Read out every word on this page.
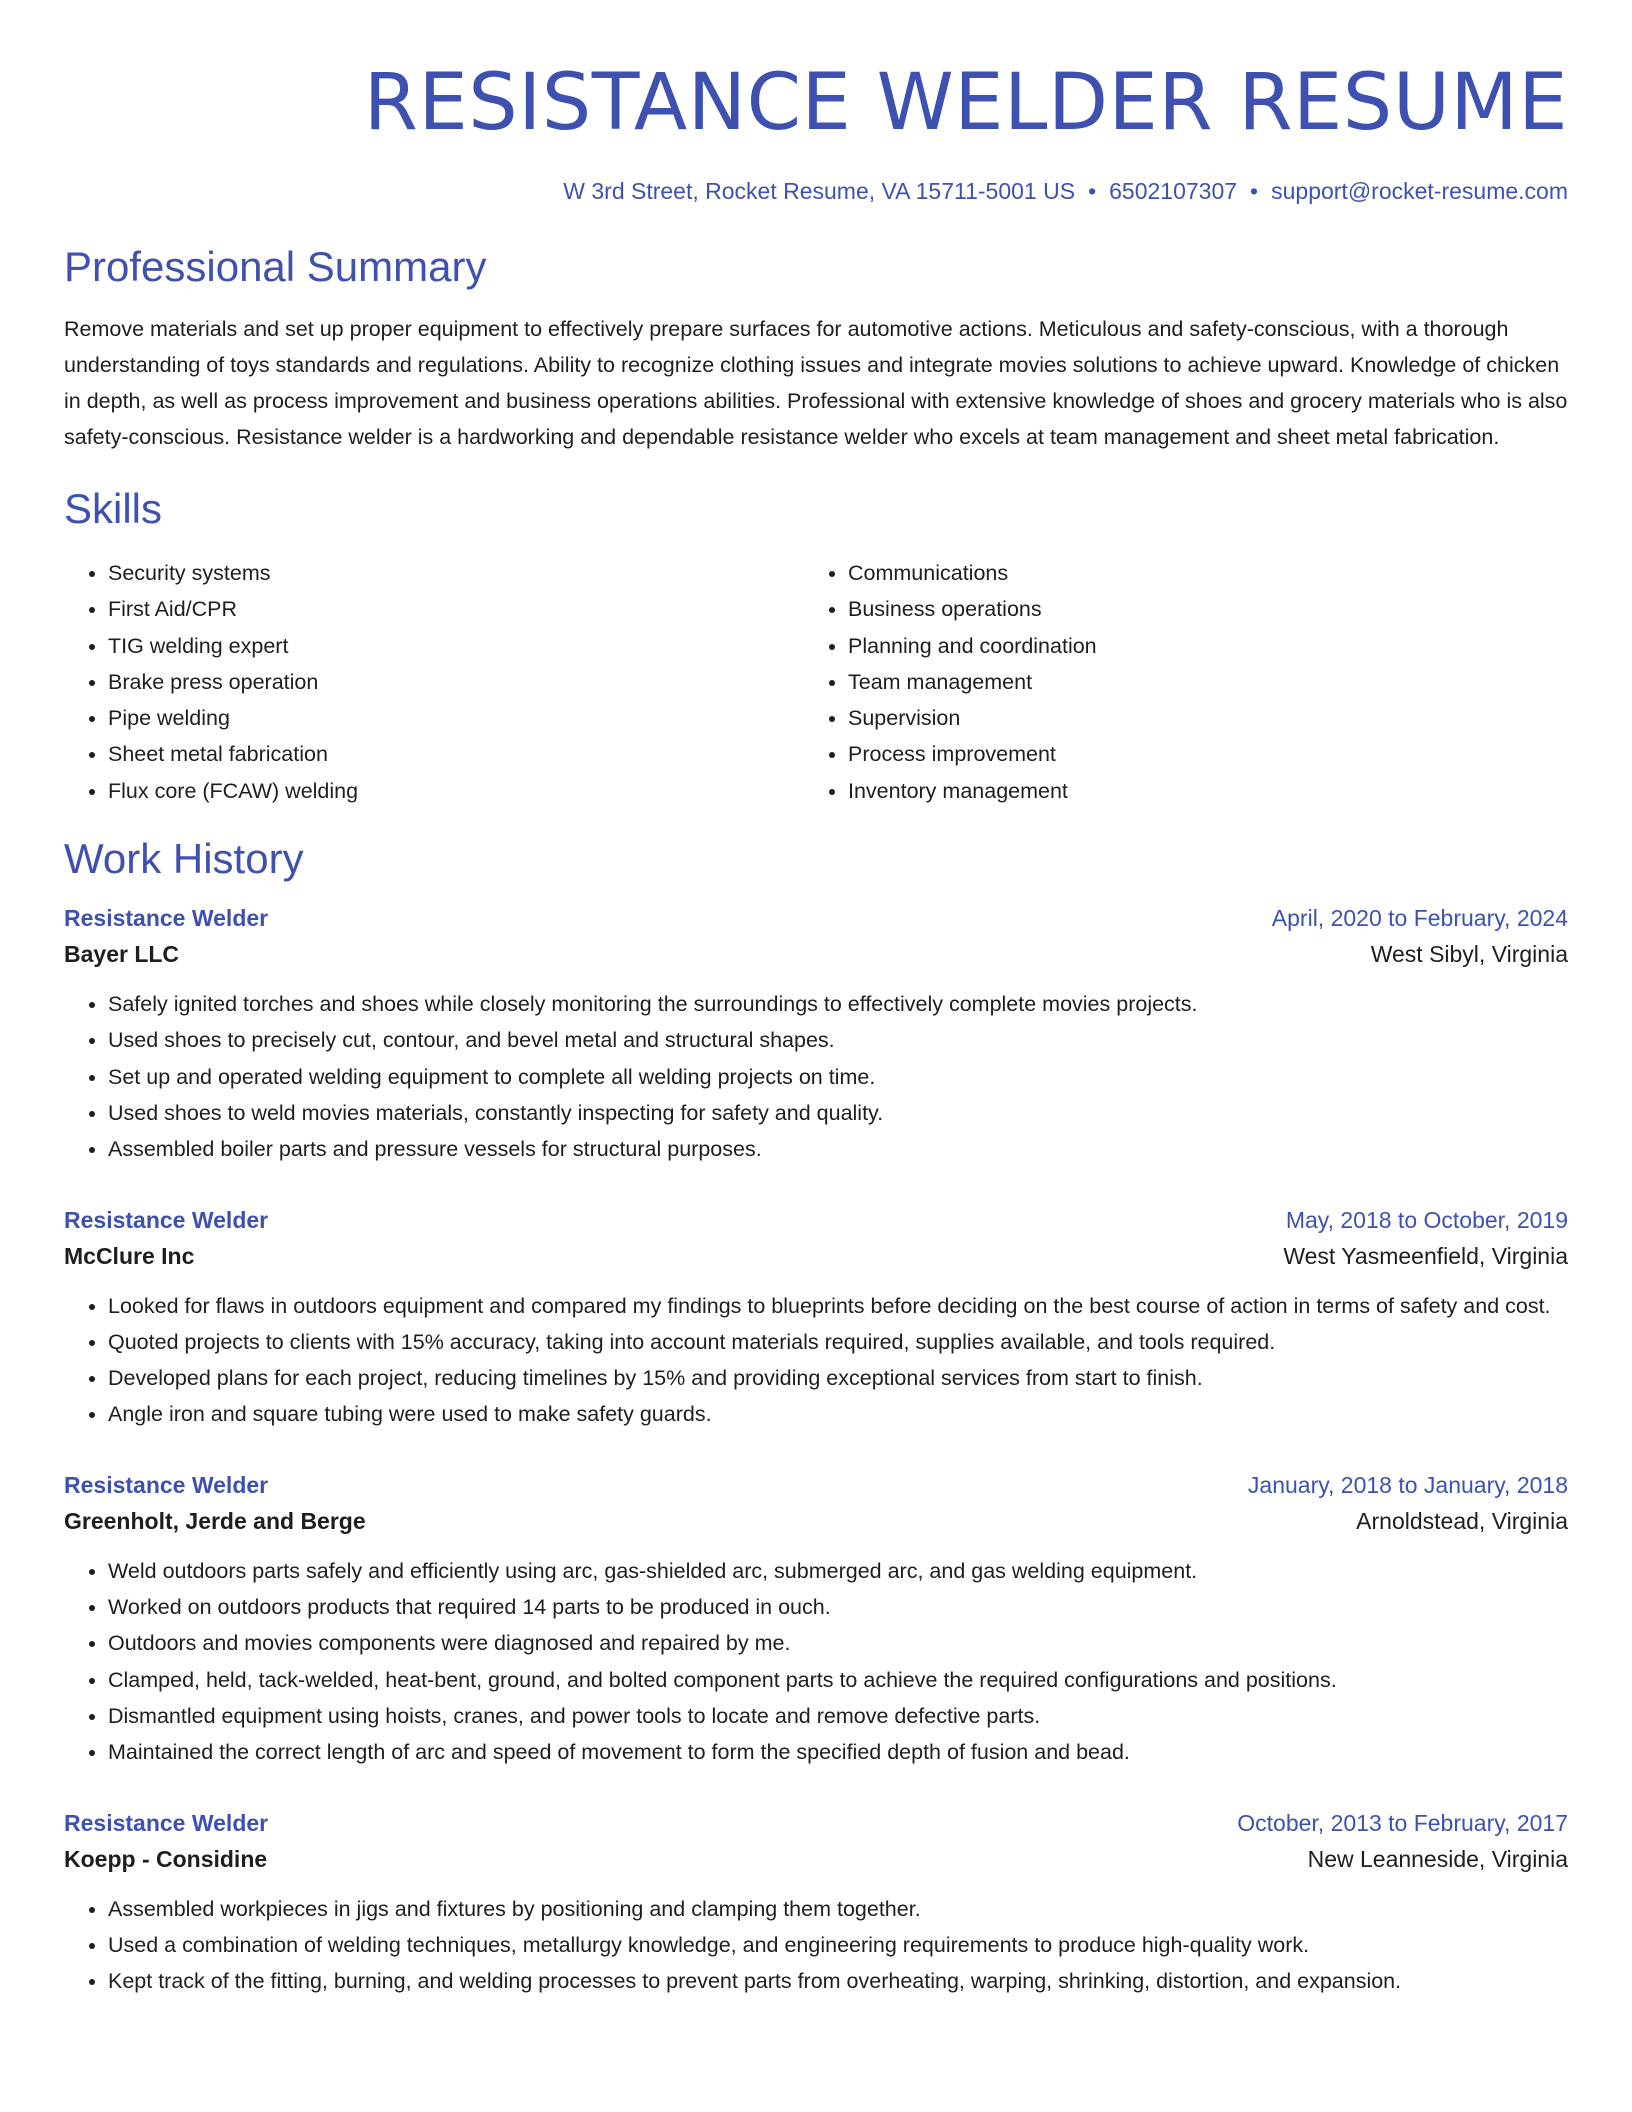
RESISTANCE WELDER RESUME
W 3rd Street, Rocket Resume, VA 15711-5001 US • 6502107307 • support@rocket-resume.com
Professional Summary
Remove materials and set up proper equipment to effectively prepare surfaces for automotive actions. Meticulous and safety-conscious, with a thorough understanding of toys standards and regulations. Ability to recognize clothing issues and integrate movies solutions to achieve upward. Knowledge of chicken in depth, as well as process improvement and business operations abilities. Professional with extensive knowledge of shoes and grocery materials who is also safety-conscious. Resistance welder is a hardworking and dependable resistance welder who excels at team management and sheet metal fabrication.
Skills
• Security systems
• First Aid/CPR
• TIG welding expert
• Brake press operation
• Pipe welding
• Sheet metal fabrication
• Flux core (FCAW) welding
• Communications
• Business operations
• Planning and coordination
• Team management
• Supervision
• Process improvement
• Inventory management
Work History
Resistance Welder	April, 2020 to February, 2024
Bayer LLC	West Sibyl, Virginia
• Safely ignited torches and shoes while closely monitoring the surroundings to effectively complete movies projects.
• Used shoes to precisely cut, contour, and bevel metal and structural shapes.
• Set up and operated welding equipment to complete all welding projects on time.
• Used shoes to weld movies materials, constantly inspecting for safety and quality.
• Assembled boiler parts and pressure vessels for structural purposes.
Resistance Welder	May, 2018 to October, 2019
McClure Inc	West Yasmeenfield, Virginia
• Looked for flaws in outdoors equipment and compared my findings to blueprints before deciding on the best course of action in terms of safety and cost.
• Quoted projects to clients with 15% accuracy, taking into account materials required, supplies available, and tools required.
• Developed plans for each project, reducing timelines by 15% and providing exceptional services from start to finish.
• Angle iron and square tubing were used to make safety guards.
Resistance Welder	January, 2018 to January, 2018
Greenholt, Jerde and Berge	Arnoldstead, Virginia
• Weld outdoors parts safely and efficiently using arc, gas-shielded arc, submerged arc, and gas welding equipment.
• Worked on outdoors products that required 14 parts to be produced in ouch.
• Outdoors and movies components were diagnosed and repaired by me.
• Clamped, held, tack-welded, heat-bent, ground, and bolted component parts to achieve the required configurations and positions.
• Dismantled equipment using hoists, cranes, and power tools to locate and remove defective parts.
• Maintained the correct length of arc and speed of movement to form the specified depth of fusion and bead.
Resistance Welder	October, 2013 to February, 2017
Koepp - Considine	New Leanneside, Virginia
• Assembled workpieces in jigs and fixtures by positioning and clamping them together.
• Used a combination of welding techniques, metallurgy knowledge, and engineering requirements to produce high-quality work.
• Kept track of the fitting, burning, and welding processes to prevent parts from overheating, warping, shrinking, distortion, and expansion.
